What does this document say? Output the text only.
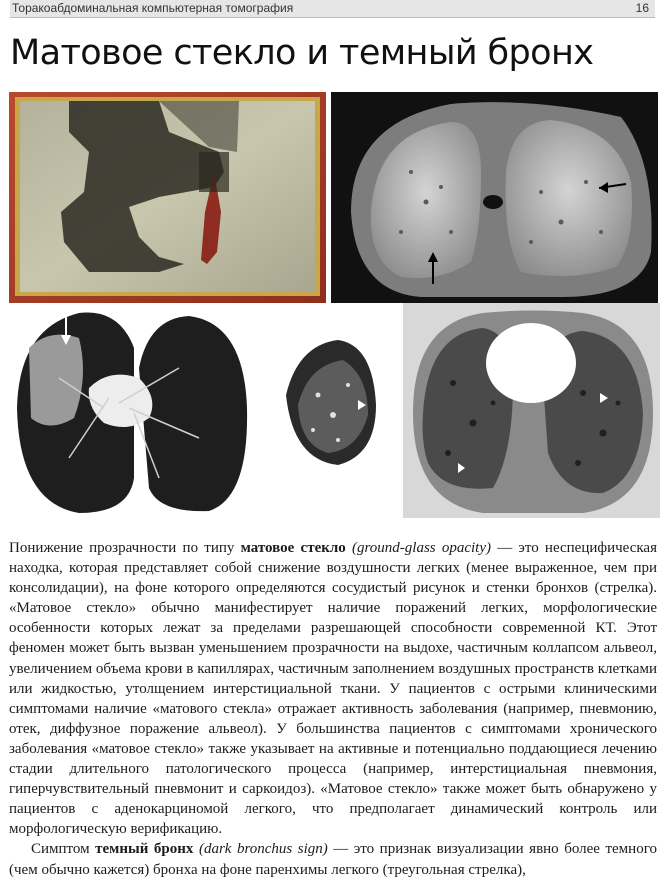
Торакоабдоминальная компьютерная томография	16
Матовое стекло и темный бронх

Понижение прозрачности по типу матовое стекло (ground-glass opacity) — это неспецифическая находка, которая представляет собой снижение воздушности легких (менее выраженное, чем при консолидации), на фоне которого определяются сосудистый рисунок и стенки бронхов (стрелка). «Матовое стекло» обычно манифестирует наличие поражений легких, морфологические особенности которых лежат за пределами разрешающей способности современной КТ. Этот феномен может быть вызван уменьшением прозрачности на выдохе, частичным коллапсом альвеол, увеличением объема крови в капиллярах, частичным заполнением воздушных пространств клетками или жидкостью, утолщением интерстициальной ткани. У пациентов с острыми клиническими симптомами наличие «матового стекла» отражает активность заболевания (например, пневмонию, отек, диффузное поражение альвеол). У большинства пациентов с симптомами хронического заболевания «матовое стекло» также указывает на активные и потенциально поддающиеся лечению стадии длительного патологического процесса (например, интерстициальная пневмония, гиперчувствительный пневмонит и саркоидоз). «Матовое стекло» также может быть обнаружено у пациентов с аденокарциномой легкого, что предполагает динамический контроль или морфологическую верификацию.

Симптом темный бронх (dark bronchus sign) — это признак визуализации явно более темного (чем обычно кажется) бронха на фоне паренхимы легкого (треугольная стрелка),
